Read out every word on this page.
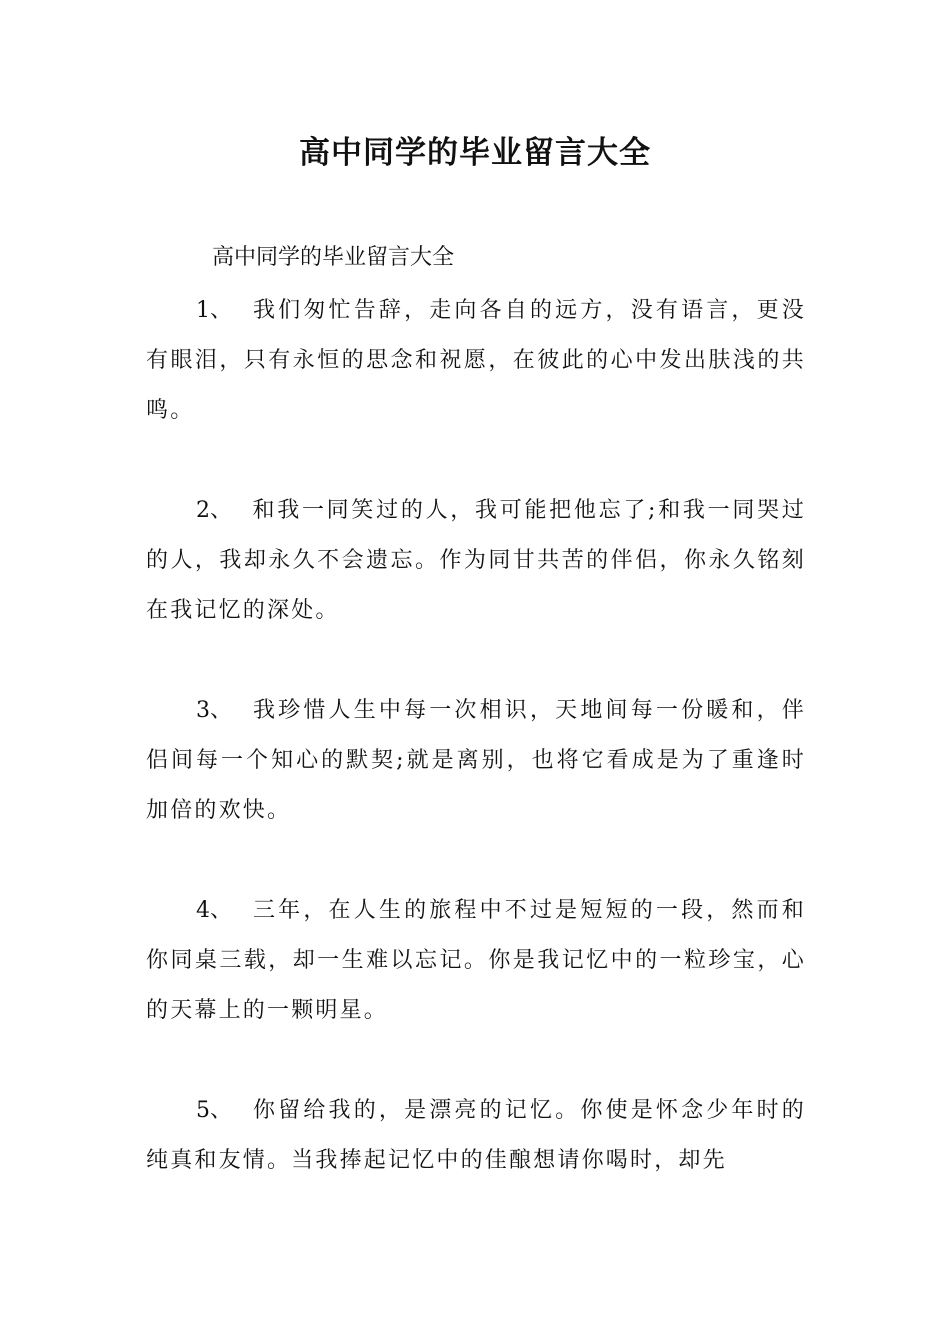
高中同学的毕业留言大全

高中同学的毕业留言大全

1、 我们匆忙告辞，走向各自的远方，没有语言，更没有眼泪，只有永恒的思念和祝愿，在彼此的心中发出肤浅的共鸣。

2、 和我一同笑过的人，我可能把他忘了;和我一同哭过的人，我却永久不会遗忘。作为同甘共苦的伴侣，你永久铭刻在我记忆的深处。

3、 我珍惜人生中每一次相识，天地间每一份暖和，伴侣间每一个知心的默契;就是离别，也将它看成是为了重逢时加倍的欢快。

4、 三年，在人生的旅程中不过是短短的一段，然而和你同桌三载，却一生难以忘记。你是我记忆中的一粒珍宝，心的天幕上的一颗明星。

5、 你留给我的，是漂亮的记忆。你使是怀念少年时的纯真和友情。当我捧起记忆中的佳酿想请你喝时，却先
